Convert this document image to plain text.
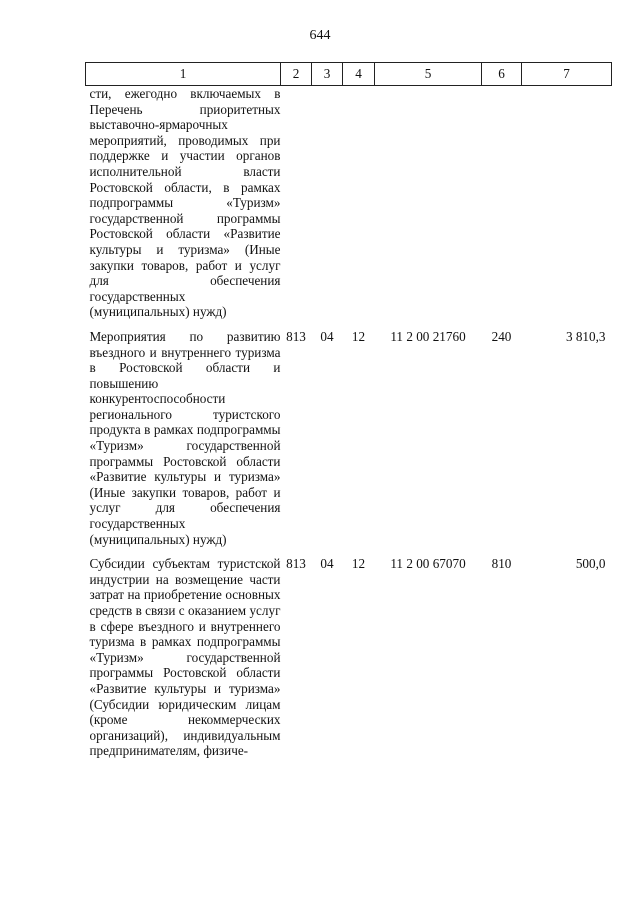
644
1	2	3	4	5	6	7
сти, ежегодно включаемых в Перечень приоритетных выставочно-ярмарочных мероприятий, проводимых при поддержке и участии органов исполнительной власти Ростовской области, в рамках подпрограммы «Туризм» государственной программы Ростовской области «Развитие культуры и туризма» (Иные закупки товаров, работ и услуг для обеспечения государственных (муниципальных) нужд)						

Мероприятия по развитию въездного и внутреннего туризма в Ростовской области и повышению конкурентоспособности регионального туристского продукта в рамках подпрограммы «Туризм» государственной программы Ростовской области «Развитие культуры и туризма» (Иные закупки товаров, работ и услуг для обеспечения государственных (муниципальных) нужд)	813	04	12	11 2 00 21760	240	3 810,3

Субсидии субъектам туристской индустрии на возмещение части затрат на приобретение основных средств в связи с оказанием услуг в сфере въездного и внутреннего туризма в рамках подпрограммы «Туризм» государственной программы Ростовской области «Развитие культуры и туризма» (Субсидии юридическим лицам (кроме некоммерческих организаций), индивидуальным предпринимателям, физиче-	813	04	12	11 2 00 67070	810	500,0
